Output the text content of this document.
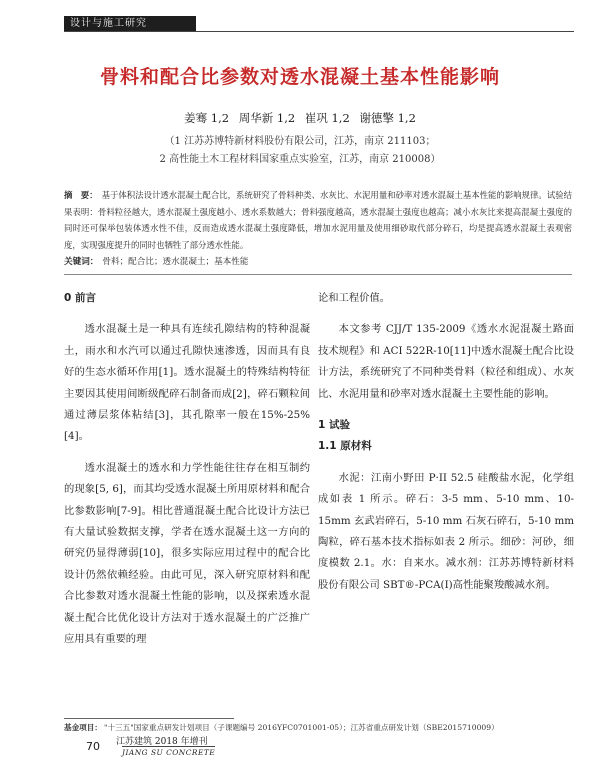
设计与施工研究
骨料和配合比参数对透水混凝土基本性能影响
姜骞 1,2 周华新 1,2 崔巩 1,2 谢德擎 1,2
（1 江苏苏博特新材料股份有限公司，江苏，南京 211103；
2 高性能土木工程材料国家重点实验室，江苏，南京 210008）
摘　要： 基于体积法设计透水混凝土配合比，系统研究了骨料种类、水灰比、水泥用量和砂率对透水混凝土基本性能的影响规律。试验结果表明：骨料粒径越大，透水混凝土强度越小、透水系数越大；骨料强度越高，透水混凝土强度也越高；减小水灰比来提高混凝土强度的同时还可保举包装体透水性不佳，反而造成透水混凝土强度降低，增加水泥用量及使用细砂取代部分碎石，均是提高透水混凝土表观密度，实现强度提升的同时也牺牲了部分透水性能。
关键词： 骨料；配合比；透水混凝土；基本性能

0 前言

透水混凝土是一种具有连续孔隙结构的特种混凝土，雨水和水汽可以通过孔隙快速渗透，因而具有良好的生态水循环作用[1]。透水混凝土的特殊结构特征主要因其使用间断级配碎石制备而成[2]，碎石颗粒间通过薄层浆体粘结[3]，其孔隙率一般在15%-25%[4]。

透水混凝土的透水和力学性能往往存在相互制约的现象[5, 6]，而其均受透水混凝土所用原材料和配合比参数影响[7-9]。相比普通混凝土配合比设计方法已有大量试验数据支撑，学者在透水混凝土这一方向的研究仍显得薄弱[10]，很多实际应用过程中的配合比设计仍然依赖经验。由此可见，深入研究原材料和配合比参数对透水混凝土性能的影响，以及探索透水混凝土配合比优化设计方法对于透水混凝土的广泛推广应用具有重要的理

论和工程价值。

本文参考 CJJ/T 135-2009《透水水泥混凝土路面技术规程》和 ACI 522R-10[11]中透水混凝土配合比设计方法，系统研究了不同种类骨料（粒径和组成）、水灰比、水泥用量和砂率对透水混凝土主要性能的影响。

1 试验

1.1 原材料

水泥：江南小野田 P·II 52.5 硅酸盐水泥，化学组成如表 1 所示。碎石：3-5 mm、5-10 mm、10-15mm 玄武岩碎石，5-10 mm 石灰石碎石，5-10 mm 陶粒，碎石基本技术指标如表 2 所示。细砂：河砂，细度模数 2.1。水：自来水。减水剂：江苏苏博特新材料股份有限公司 SBT®-PCA(I)高性能聚羧酸减水剂。

基金项目： "十三五"国家重点研发计划项目（子课题编号 2016YFC0701001-05）；江苏省重点研发计划（SBE2015710009）
70 江苏建筑 2018 年增刊
JIANG SU CONCRETE
